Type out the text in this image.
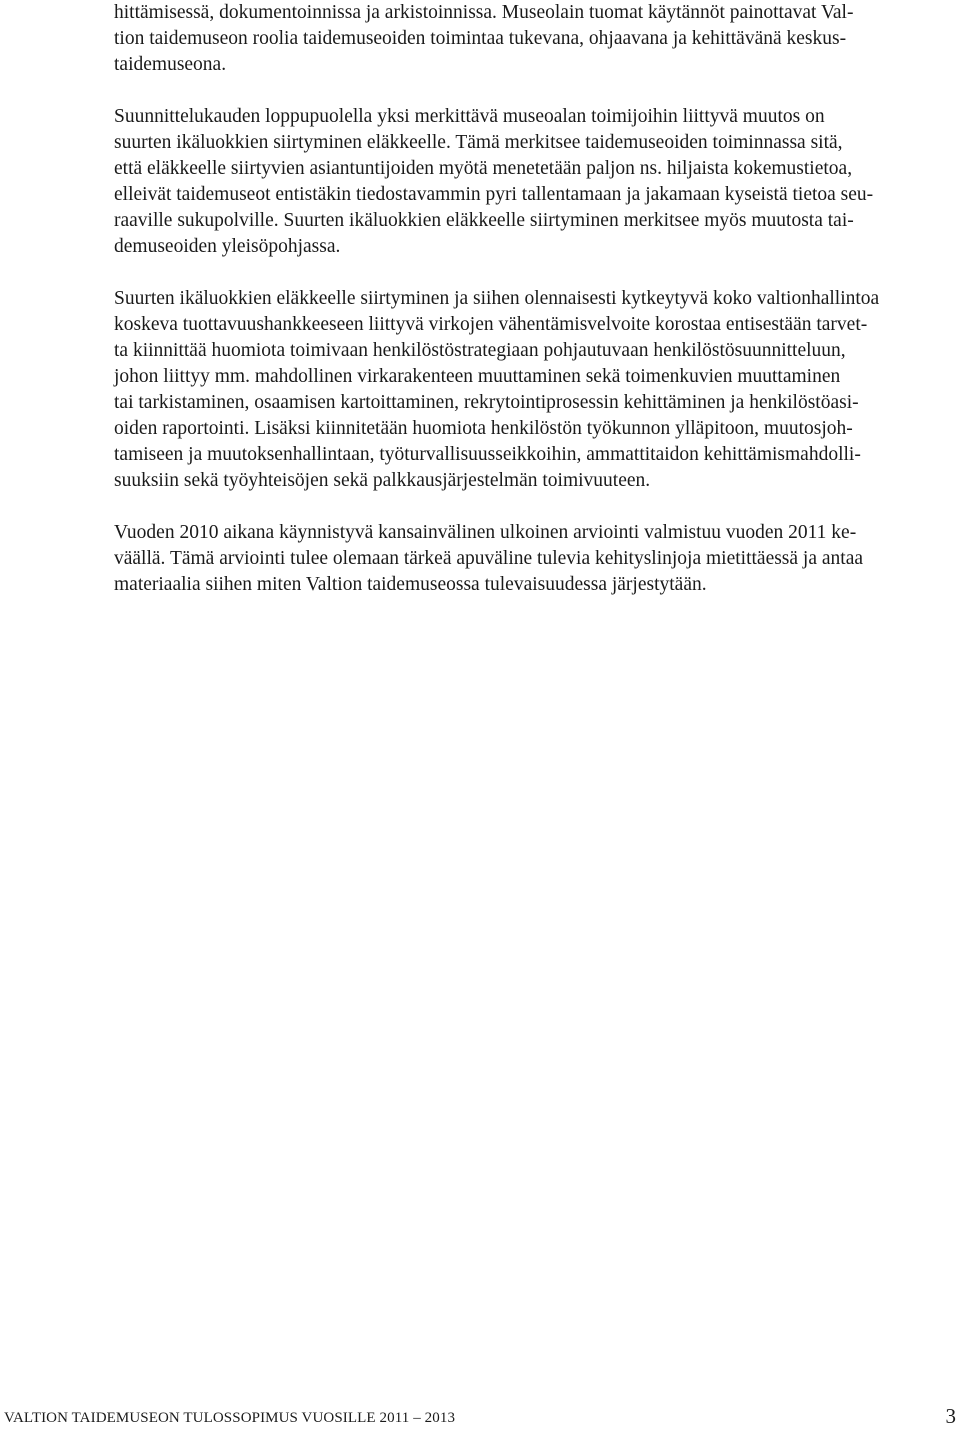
hittämisessä, dokumentoinnissa ja arkistoinnissa. Museolain tuomat käytännöt painottavat Val-
tion taidemuseon roolia taidemuseoiden toimintaa tukevana, ohjaavana ja kehittävänä keskus-
taidemuseona.
Suunnittelukauden loppupuolella yksi merkittävä museoalan toimijoihin liittyvä muutos on
suurten ikäluokkien siirtyminen eläkkeelle. Tämä merkitsee taidemuseoiden toiminnassa sitä,
että eläkkeelle siirtyvien asiantuntijoiden myötä menetetään paljon ns. hiljaista kokemustietoa,
elleivät taidemuseot entistäkin tiedostavammin pyri tallentamaan ja jakamaan kyseistä tietoa seu-
raaville sukupolville. Suurten ikäluokkien eläkkeelle siirtyminen merkitsee myös muutosta tai-
demuseoiden yleisöpohjassa.
Suurten ikäluokkien eläkkeelle siirtyminen ja siihen olennaisesti kytkeytyvä koko valtionhallintoa
koskeva tuottavuushankkeeseen liittyvä virkojen vähentämisvelvoite korostaa entisestään tarvet-
ta kiinnittää huomiota toimivaan henkilöstöstrategiaan pohjautuvaan henkilöstösuunnitteluun,
johon liittyy mm. mahdollinen virkarakenteen muuttaminen sekä toimenkuvien muuttaminen
tai tarkistaminen, osaamisen kartoittaminen, rekrytointiprosessin kehittäminen ja henkilöstöasi-
oiden raportointi. Lisäksi kiinnitetään huomiota henkilöstön työkunnon ylläpitoon, muutosjoh-
tamiseen ja muutoksenhallintaan, työturvallisuusseikkoihin, ammattitaidon kehittämismahdolli-
suuksiin sekä työyhteisöjen sekä palkkausjärjestelmän toimivuuteen.
Vuoden 2010 aikana käynnistyvä kansainvälinen ulkoinen arviointi valmistuu vuoden 2011 ke-
väällä. Tämä arviointi tulee olemaan tärkeä apuväline tulevia kehityslinjoja mietittäessä ja antaa
materiaalia siihen miten Valtion taidemuseossa tulevaisuudessa järjestytään.
VALTION TAIDEMUSEON TULOSSOPIMUS VUOSILLE 2011 – 2013	3
